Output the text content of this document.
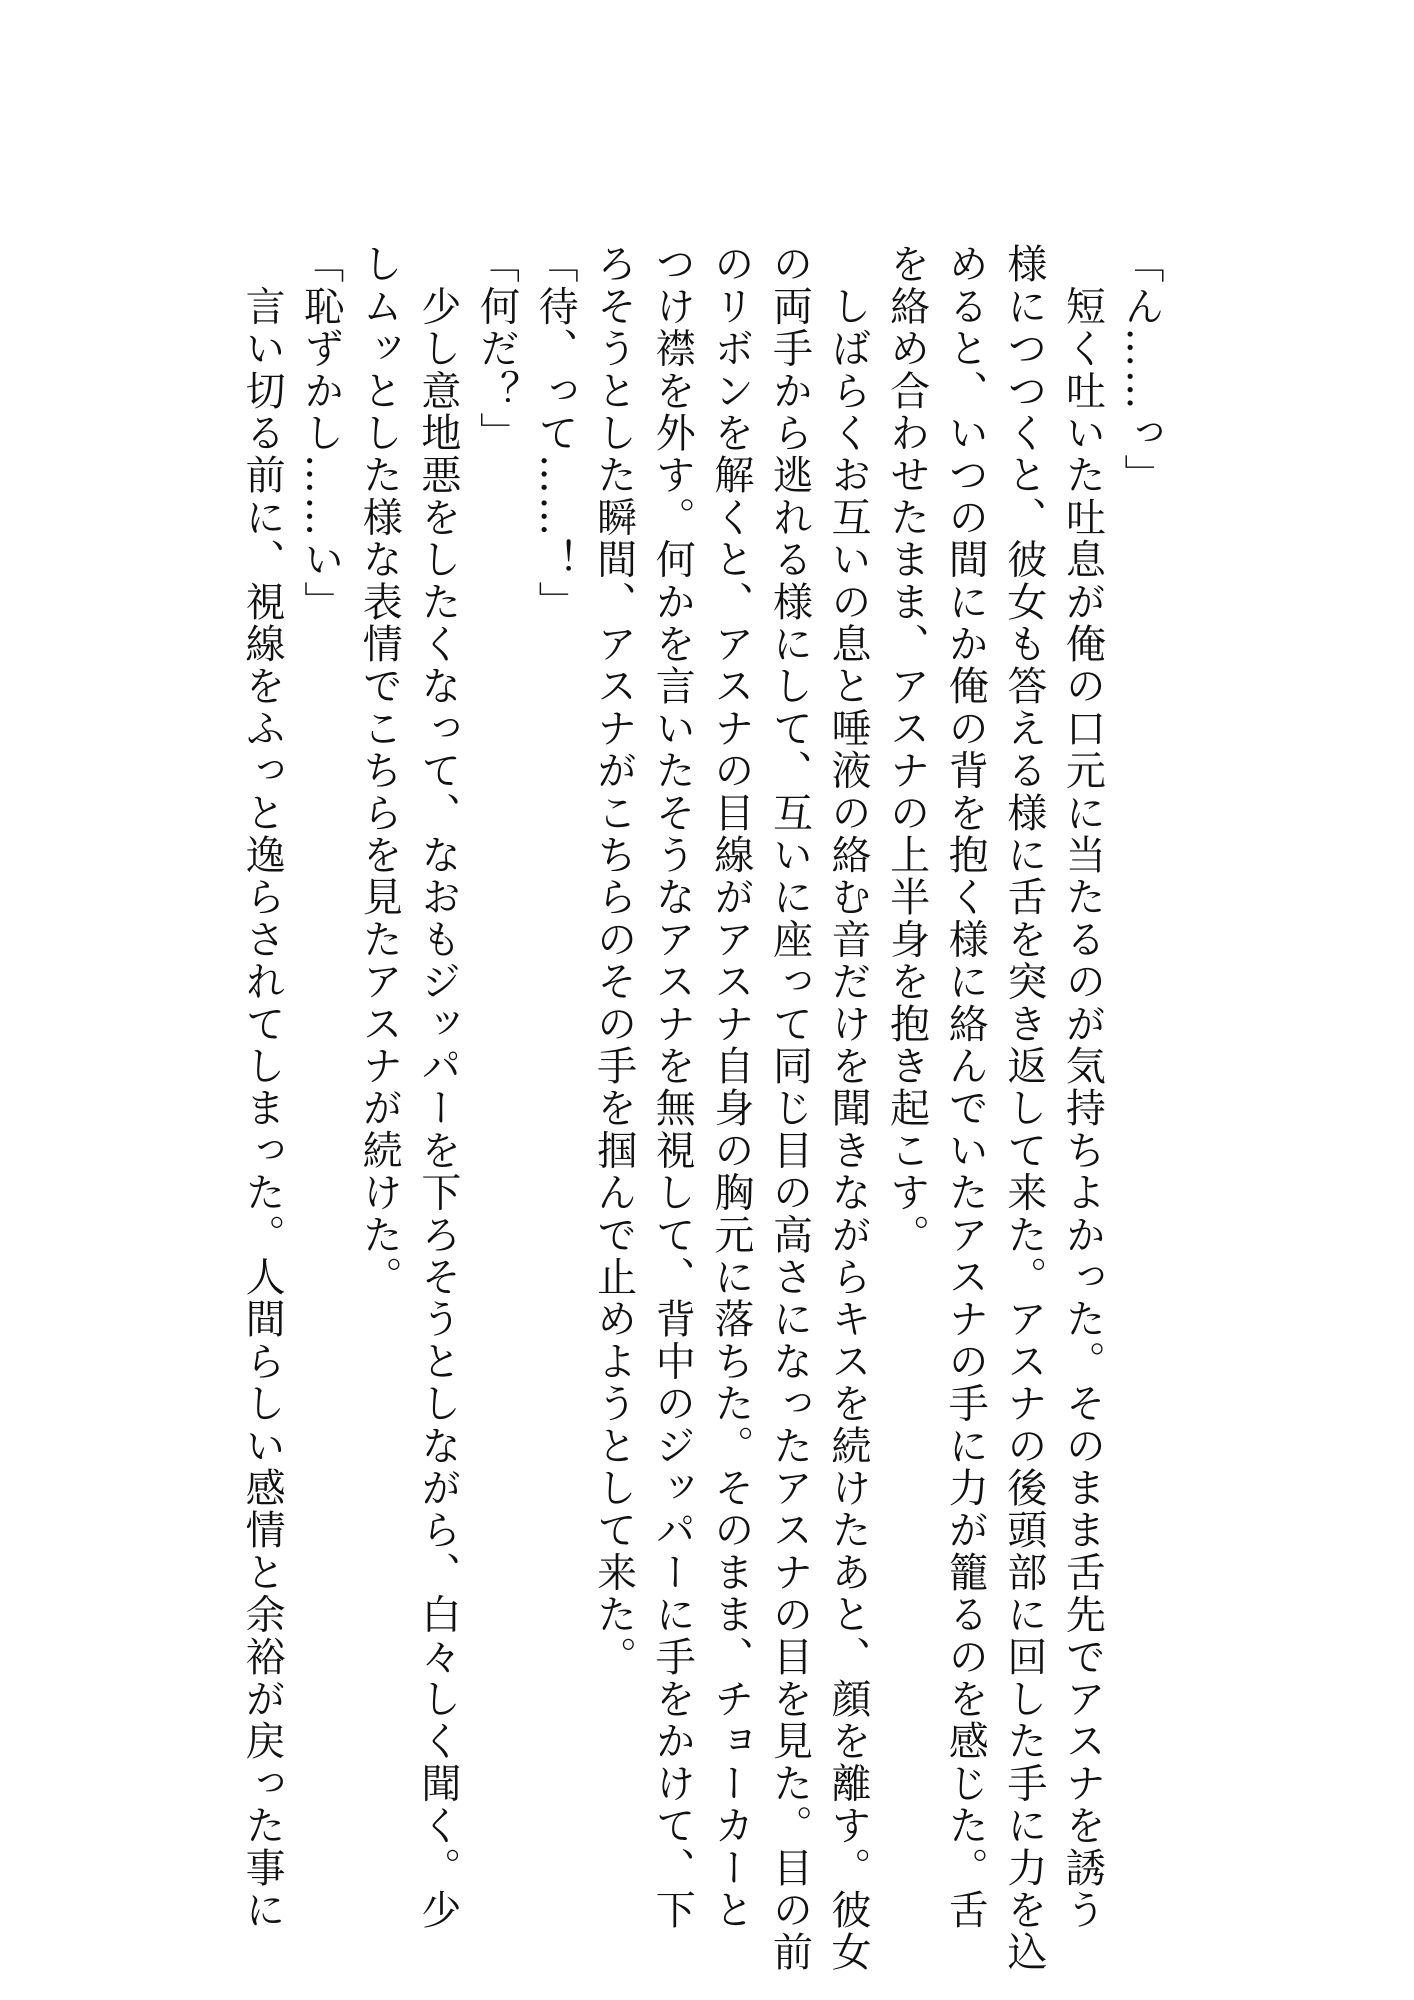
「ん……っ」
　短く吐いた吐息が俺の口元に当たるのが気持ちよかった。そのまま舌先でアスナを誘う
様につつくと、彼女も答える様に舌を突き返して来た。アスナの後頭部に回した手に力を込
めると、いつの間にか俺の背を抱く様に絡んでいたアスナの手に力が籠るのを感じた。舌
を絡め合わせたまま、アスナの上半身を抱き起こす。
　しばらくお互いの息と唾液の絡む音だけを聞きながらキスを続けたあと、顔を離す。彼女
の両手から逃れる様にして、互いに座って同じ目の高さになったアスナの目を見た。目の前
のリボンを解くと、アスナの目線がアスナ自身の胸元に落ちた。そのまま、チョーカーと
つけ襟を外す。何かを言いたそうなアスナを無視して、背中のジッパーに手をかけて、下
ろそうとした瞬間、アスナがこちらのその手を掴んで止めようとして来た。
「待、って……！」
「何だ？」
　少し意地悪をしたくなって、なおもジッパーを下ろそうとしながら、白々しく聞く。少
しムッとした様な表情でこちらを見たアスナが続けた。
「恥ずかし……い」
　言い切る前に、視線をふっと逸らされてしまった。人間らしい感情と余裕が戻った事に
